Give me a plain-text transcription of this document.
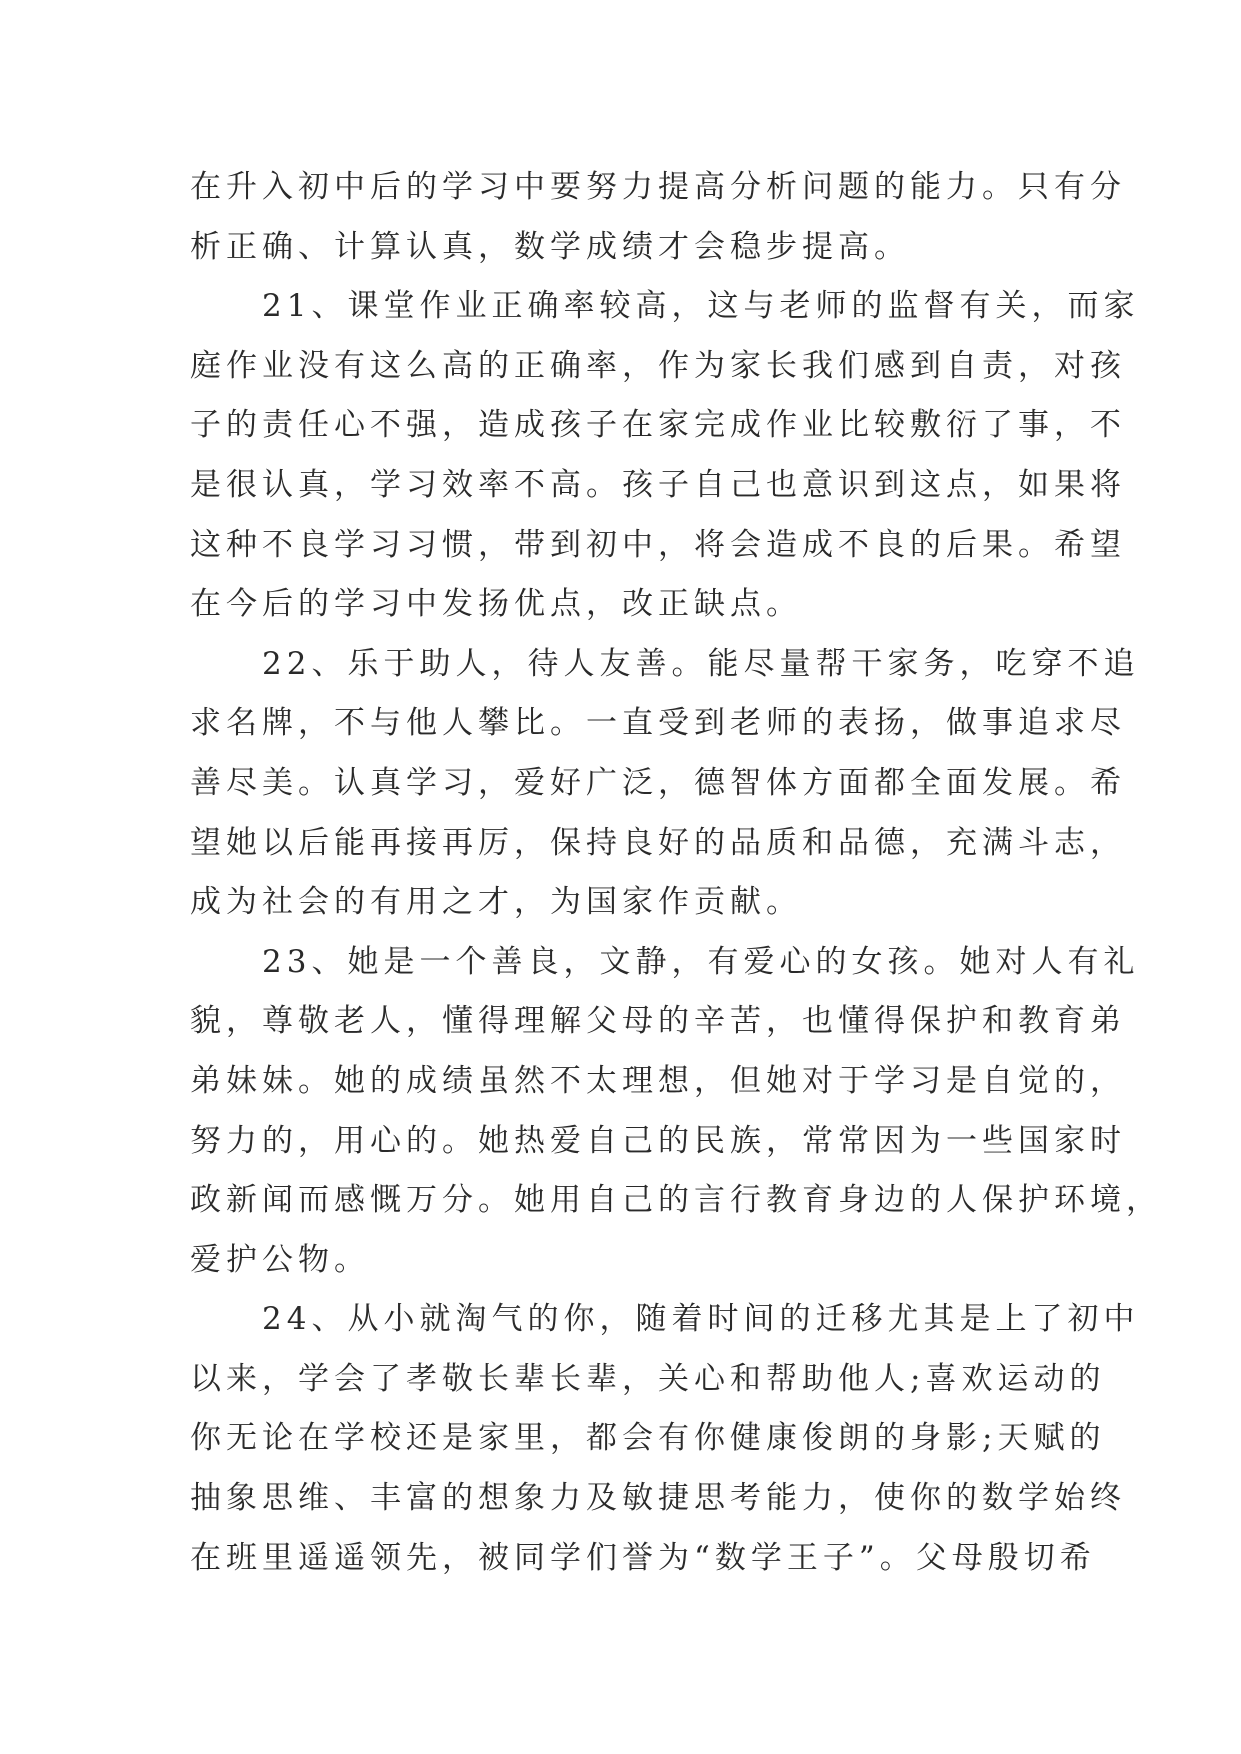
在升入初中后的学习中要努力提高分析问题的能力。只有分
析正确、计算认真，数学成绩才会稳步提高。
　　21、课堂作业正确率较高，这与老师的监督有关，而家
庭作业没有这么高的正确率，作为家长我们感到自责，对孩
子的责任心不强，造成孩子在家完成作业比较敷衍了事，不
是很认真，学习效率不高。孩子自己也意识到这点，如果将
这种不良学习习惯，带到初中，将会造成不良的后果。希望
在今后的学习中发扬优点，改正缺点。
　　22、乐于助人，待人友善。能尽量帮干家务，吃穿不追
求名牌，不与他人攀比。一直受到老师的表扬，做事追求尽
善尽美。认真学习，爱好广泛，德智体方面都全面发展。希
望她以后能再接再厉，保持良好的品质和品德，充满斗志，
成为社会的有用之才，为国家作贡献。
　　23、她是一个善良，文静，有爱心的女孩。她对人有礼
貌，尊敬老人，懂得理解父母的辛苦，也懂得保护和教育弟
弟妹妹。她的成绩虽然不太理想，但她对于学习是自觉的，
努力的，用心的。她热爱自己的民族，常常因为一些国家时
政新闻而感慨万分。她用自己的言行教育身边的人保护环境，
爱护公物。
　　24、从小就淘气的你，随着时间的迁移尤其是上了初中
以来，学会了孝敬长辈长辈，关心和帮助他人;喜欢运动的
你无论在学校还是家里，都会有你健康俊朗的身影;天赋的
抽象思维、丰富的想象力及敏捷思考能力，使你的数学始终
在班里遥遥领先，被同学们誉为“数学王子”。父母殷切希
